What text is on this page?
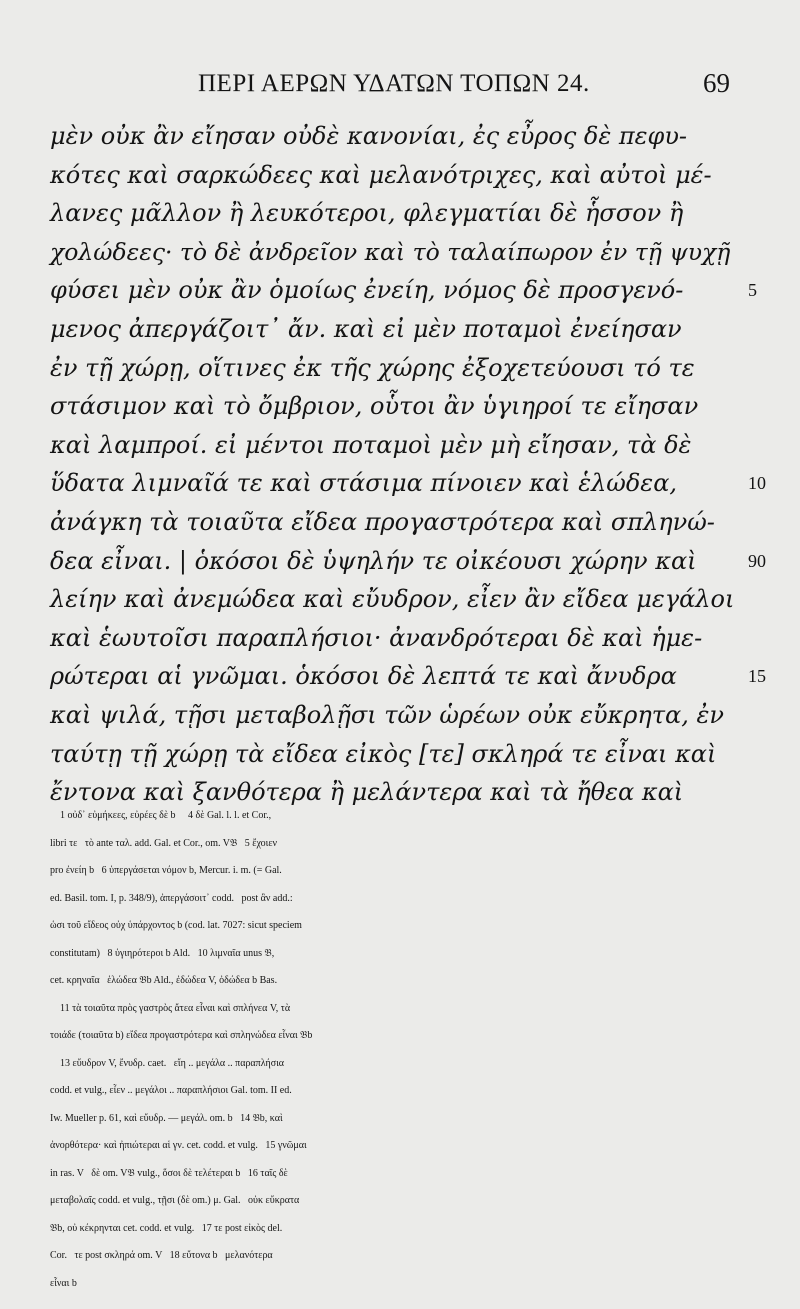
ΠΕΡΙ ΑΕΡΩΝ ΥΔΑΤΩΝ ΤΟΠΩΝ 24.	69
μὲν οὐκ ἂν εἴησαν οὐδὲ κανονίαι, ἐς εὖρος δὲ πεφυ-
κότες καὶ σαρκώδεες καὶ μελανότριχες, καὶ αὐτοὶ μέ-
λανες μᾶλλον ἢ λευκότεροι, φλεγματίαι δὲ ἧσσον ἢ
χολώδεες· τὸ δὲ ἀνδρεῖον καὶ τὸ ταλαίπωρον ἐν τῇ ψυχῇ
φύσει μὲν οὐκ ἂν ὁμοίως ἐνείη, νόμος δὲ προσγενό-	5
μενος ἀπεργάζοιτ᾽ ἄν. καὶ εἰ μὲν ποταμοὶ ἐνείησαν
ἐν τῇ χώρῃ, οἵτινες ἐκ τῆς χώρης ἐξοχετεύουσι τό τε
στάσιμον καὶ τὸ ὄμβριον, οὗτοι ἂν ὑγιηροί τε εἴησαν
καὶ λαμπροί. εἰ μέντοι ποταμοὶ μὲν μὴ εἴησαν, τὰ δὲ
ὕδατα λιμναῖά τε καὶ στάσιμα πίνοιεν καὶ ἑλώδεα,	10
ἀνάγκη τὰ τοιαῦτα εἴδεα προγαστρότερα καὶ σπληνώ-
δεα εἶναι. | ὁκόσοι δὲ ὑψηλήν τε οἰκέουσι χώρην καὶ	90
λείην καὶ ἀνεμώδεα καὶ εὔυδρον, εἶεν ἂν εἴδεα μεγάλοι
καὶ ἑωυτοῖσι παραπλήσιοι· ἀνανδρότεραι δὲ καὶ ἡμε-
ρώτεραι αἱ γνῶμαι. ὁκόσοι δὲ λεπτά τε καὶ ἄνυδρα	15
καὶ ψιλά, τῇσι μεταβολῇσι τῶν ὡρέων οὐκ εὔκρητα, ἐν
ταύτῃ τῇ χώρῃ τὰ εἴδεα εἰκὸς [τε] σκληρά τε εἶναι καὶ
ἔντονα καὶ ξανθότερα ἢ μελάντερα καὶ τὰ ἤθεα καὶ
1 οὐδ᾽ εὐμήκεες, εὐρέες δὲ b     4 δὲ Gal. l. l. et Cor.,
libri τε   τὸ ante ταλ. add. Gal. et Cor., om. V𝔅   5 ἔχοιεν
pro ἐνείη b   6 ὑπεργάσεται νόμον b, Mercur. i. m. (= Gal.
ed. Basil. tom. I, p. 348/9), ἀπεργάσοιτ᾽ codd.   post ἂν add.:
ὡσι τοῦ εἴδεος οὐχ ὑπάρχοντος b (cod. lat. 7027: sicut speciem
constitutam)   8 ὑγιηρότεροι b Ald.   10 λιμναῖα unus 𝔅,
cet. κρηναῖα   ἑλώδεα 𝔅b Ald., ἐδώδεα V, ὀδώδεα b Bas.
11 τὰ τοιαῦτα πρὸς γαστρὸς ἄτεα εἶναι καὶ σπλήνεα V, τὰ
τοιάδε (τοιαῦτα b) εἴδεα προγαστρότερα καὶ σπληνώδεα εἶναι 𝔅b
13 εὔυδρον V, ἔνυδρ. caet.   εἴη .. μεγάλα .. παραπλήσια
codd. et vulg., εἶεν .. μεγάλοι .. παραπλήσιοι Gal. tom. II ed.
Iw. Mueller p. 61, καὶ εὔυδρ. — μεγάλ. om. b   14 𝔅b, καὶ
ἀνορθότερα· καὶ ἠπιώτεραι αἱ γν. cet. codd. et vulg.   15 γνῶμαι
in ras. V   δὲ om. V𝔅 vulg., ὅσοι δὲ τελέτεραι b   16 ταῖς δὲ
μεταβολαῖς codd. et vulg., τῇσι (δὲ om.) μ. Gal.   οὐκ εὔκρατα
𝔅b, οὐ κέκρηνται cet. codd. et vulg.   17 τε post εἰκὸς del.
Cor.   τε post σκληρά om. V   18 εὔτονα b   μελανότερα
εἶναι b
